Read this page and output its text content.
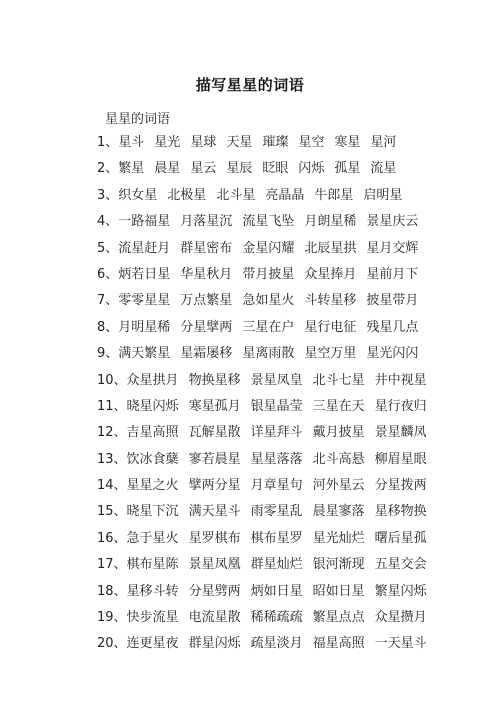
描写星星的词语
星星的词语
1、星斗 星光 星球 天星 璀璨 星空 寒星 星河
2、繁星 晨星 星云 星辰 眨眼 闪烁 孤星 流星
3、织女星 北极星 北斗星 亮晶晶 牛郎星 启明星
4、一路福星 月落星沉 流星飞坠 月朗星稀 景星庆云
5、流星赶月 群星密布 金星闪耀 北辰星拱 星月交辉
6、炳若日星 华星秋月 带月披星 众星捧月 星前月下
7、零零星星 万点繁星 急如星火 斗转星移 披星带月
8、月明星稀 分星擘两 三星在户 星行电征 残星几点
9、满天繁星 星霜屡移 星离雨散 星空万里 星光闪闪
10、众星拱月 物换星移 景星凤皇 北斗七星 井中视星
11、晓星闪烁 寒星孤月 银星晶莹 三星在天 星行夜归
12、吉星高照 瓦解星散 详星拜斗 戴月披星 景星麟凤
13、饮冰食蘖 寥若晨星 星星落落 北斗高悬 柳眉星眼
14、星星之火 擘两分星 月章星句 河外星云 分星拨两
15、晓星下沉 满天星斗 雨零星乱 晨星寥落 星移物换
16、急于星火 星罗棋布 棋布星罗 星光灿烂 曙后星孤
17、棋布星陈 景星凤凰 群星灿烂 银河渐现 五星交会
18、星移斗转 分星劈两 炳如日星 昭如日星 繁星闪烁
19、快步流星 电流星散 稀稀疏疏 繁星点点 众星攒月
20、连更星夜 群星闪烁 疏星淡月 福星高照 一天星斗
